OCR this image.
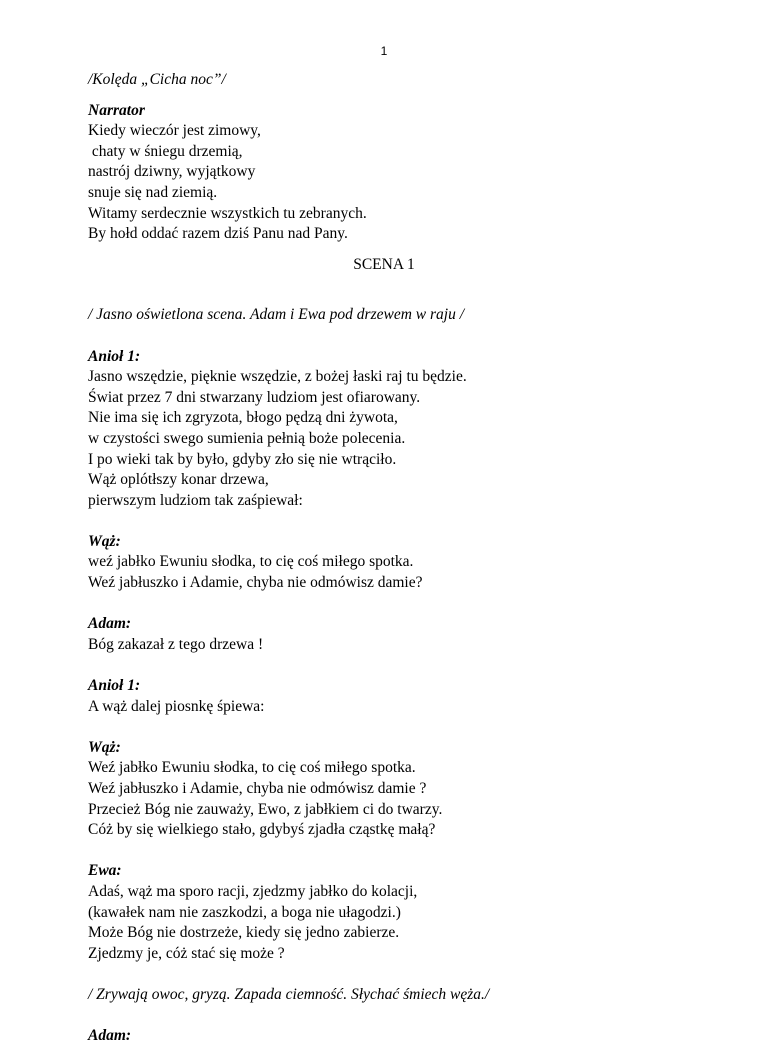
1
/Kolęda „Cicha noc”/
Narrator
Kiedy wieczór jest zimowy,
chaty w śniegu drzemią,
nastrój dziwny, wyjątkowy
snuje się nad ziemią.
Witamy serdecznie wszystkich tu zebranych.
By hołd oddać razem dziś Panu nad Pany.
SCENA 1
/ Jasno oświetlona scena. Adam i Ewa pod drzewem w raju /
Anioł 1:
Jasno wszędzie, pięknie wszędzie, z bożej łaski raj tu będzie.
Świat przez 7 dni stwarzany ludziom jest ofiarowany.
Nie ima się ich zgryzota, błogo pędzą dni żywota,
w czystości swego sumienia pełnią boże polecenia.
I po wieki tak by było, gdyby zło się nie wtrąciło.
Wąż oplótłszy konar drzewa,
pierwszym ludziom tak zaśpiewał:
Wąż:
weź jabłko Ewuniu słodka, to cię coś miłego spotka.
Weź jabłuszko i Adamie, chyba nie odmówisz damie?
Adam:
Bóg zakazał z tego drzewa !
Anioł 1:
A wąż dalej piosnkę śpiewa:
Wąż:
Weź jabłko Ewuniu słodka, to cię coś miłego spotka.
Weź jabłuszko i Adamie, chyba nie odmówisz damie ?
Przecież Bóg nie zauważy, Ewo, z jabłkiem ci do twarzy.
Cóż by się wielkiego stało, gdybyś zjadła cząstkę małą?
Ewa:
Adaś, wąż ma sporo racji, zjedzmy jabłko do kolacji,
(kawałek nam nie zaszkodzi, a boga nie ułagodzi.)
Może Bóg nie dostrzeże, kiedy się jedno zabierze.
Zjedzmy je, cóż stać się może ?
/ Zrywają owoc, gryzą. Zapada ciemność. Słychać śmiech węża./
Adam:
